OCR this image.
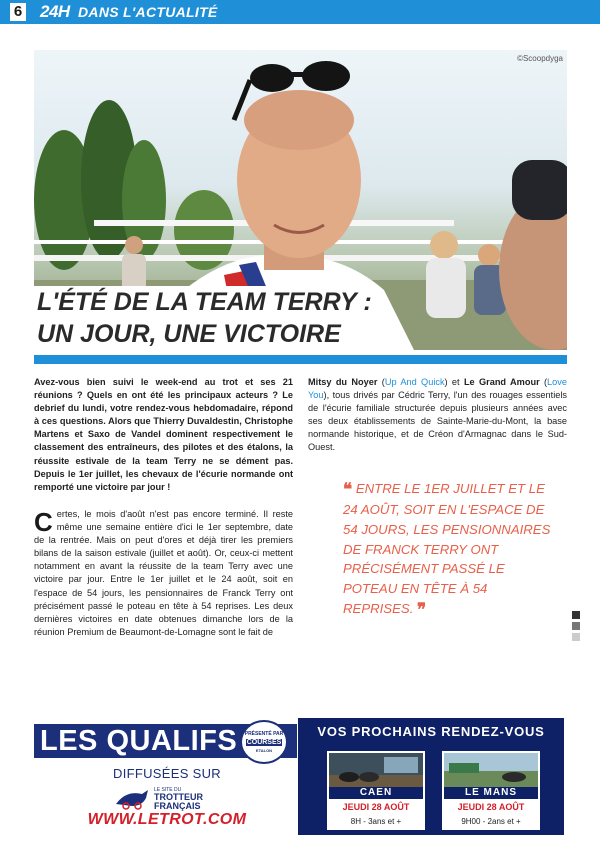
6 24H DANS L'ACTUALITÉ
©Scoopdyga
L'ÉTÉ DE LA TEAM TERRY :
UN JOUR, UNE VICTOIRE
Avez-vous bien suivi le week-end au trot et ses 21 réunions ? Quels en ont été les principaux acteurs ? Le debrief du lundi, votre rendez-vous hebdomadaire, répond à ces questions. Alors que Thierry Duvaldestin, Christophe Martens et Saxo de Vandel dominent respectivement le classement des entraîneurs, des pilotes et des étalons, la réussite estivale de la team Terry ne se dément pas. Depuis le 1er juillet, les chevaux de l'écurie normande ont remporté une victoire par jour !
Certes, le mois d'août n'est pas encore terminé. Il reste même une semaine entière d'ici le 1er septembre, date de la rentrée. Mais on peut d'ores et déjà tirer les premiers bilans de la saison estivale (juillet et août). Or, ceux-ci mettent notamment en avant la réussite de la team Terry avec une victoire par jour. Entre le 1er juillet et le 24 août, soit en l'espace de 54 jours, les pensionnaires de Franck Terry ont précisément passé le poteau en tête à 54 reprises. Les deux dernières victoires en date obtenues dimanche lors de la réunion Premium de Beaumont-de-Lomagne sont le fait de
Mitsy du Noyer (Up And Quick) et Le Grand Amour (Love You), tous drivés par Cédric Terry, l'un des rouages essentiels de l'écurie familiale structurée depuis plusieurs années avec ses deux établissements de Sainte-Marie-du-Mont, la base normande historique, et de Créon d'Armagnac dans le Sud-Ouest.
❝ ENTRE LE 1ER JUILLET ET LE 24 AOÛT, SOIT EN L'ESPACE DE 54 JOURS, LES PENSIONNAIRES DE FRANCK TERRY ONT PRÉCISÉMENT PASSÉ LE POTEAU EN TÊTE À 54 REPRISES. ❞
LES QUALIFS	PRÉSENTÉ PAR
COURSES
ETALON
DIFFUSÉES SUR
LE SITE DU
TROTTEUR
FRANÇAIS
WWW.LETROT.COM
VOS PROCHAINS RENDEZ-VOUS
CAEN
JEUDI 28 AOÛT
8H - 3ans et +
LE MANS
JEUDI 28 AOÛT
9H00 - 2ans et +
